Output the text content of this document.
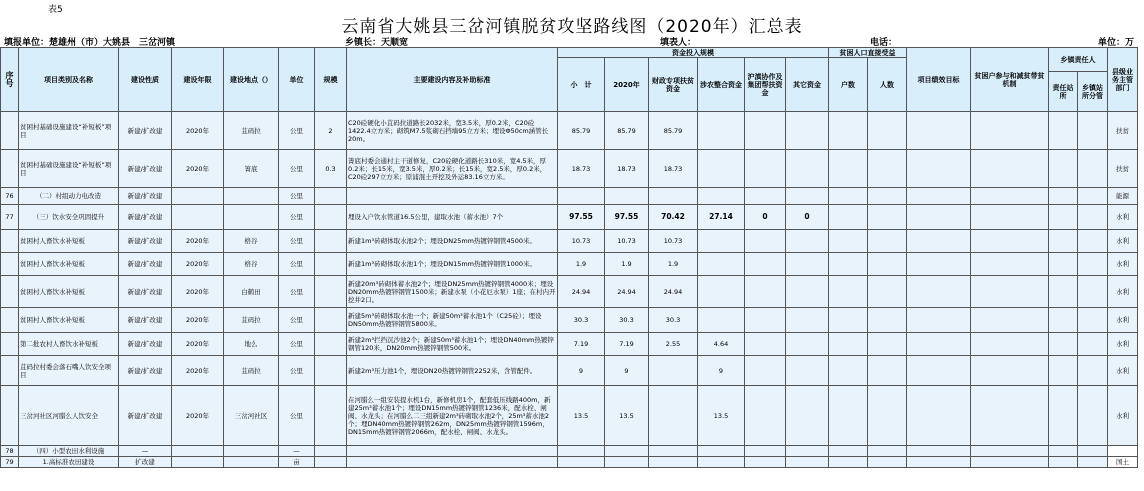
表5
云南省大姚县三岔河镇脱贫攻坚路线图（2020年）汇总表
填报单位：楚雄州（市）大姚县　三岔河镇	乡镇长：天顺宽	填表人：	电话：	单位：万
序号	项目类别及名称	建设性质	建设年限	建设地点（）	单位	规模	主要建设内容及补助标准	资金投入规模						贫困人口直接受益		项目绩效目标	贫困户参与和减贫带贫机制	乡镇责任人		县级业务主管部门
								小　计	2020年	财政专项扶贫资金	涉农整合资金	沪滇协作及集团帮扶资金	其它资金	户数	人数					
																		责任站所	乡镇站所分管	
	贫困村基础设施建设“补短板”项目	新建/扩改建	2020年	苴码拉	公里	2	C20砼硬化小苴码拉道路长2032米，宽3.5米，厚0.2米，C20砼1422.4立方米；砌筑M7.5浆砌石挡墙95立方米；埋设Φ50cm涵管长20m。	85.79	85.79	85.79										扶贫
	贫困村基础设施建设“补短板”项目	新建/扩改建	2020年	箐底	公里	0.3	箐底村委会通村主干道修复，C20砼硬化道路长310米，宽4.5米，厚0.2米；长15米，宽3.5米，厚0.2米；长15米，宽2.5米，厚0.2米，C20砼297立方米；原浦混土开挖及外运83.16立方米。	18.73	18.73	18.73										扶贫
76	（二）村组动力电改造	新建/扩改建			公里															能源
77	（三）饮水安全巩固提升	新建/扩改建			公里		埋设入户饮水管道16.5公里，建取水池（蓄水池）7个	97.55	97.55	70.42	27.14	0	0							水利
	贫困村人畜饮水补短板	新建/扩改建	2020年	格谷	公里		新建1m³砖砌体取水池2个；埋设DN25mm热镀锌钢管4500米。	10.73	10.73	10.73										水利
	贫困村人畜饮水补短板	新建/扩改建	2020年	格谷	公里		新建1m³砖砌体取水池1个；埋设DN15mm热镀锌钢管1000米。	1.9	1.9	1.9										水利
	贫困村人畜饮水补短板	新建/扩改建	2020年	白鹤田	公里		新建20m³砖砌体蓄水池2个；埋设DN25mm热镀锌钢管4000米；埋设DN20mm热镀锌钢管1500米；新建水泵（小花厄水泵）1座；在村内开挖井2口。	24.94	24.94	24.94										水利
	贫困村人畜饮水补短板	新建/扩改建	2020年	苴码拉	公里		新建5m³砖砌体取水池一个；新建50m³蓄水池1个（C25砼）；埋设DN50mm热镀锌钢管5800米。	30.3	30.3	30.3										水利
	第二批农村人畜饮水补短板	新建/扩改建	2020年	地么	公里		新建2m³拦挡沉沙池2个；新建50m³蓄水池1个；埋设DN40mm热镀锌钢管120米，DN20mm热镀锌钢管500米。	7.19	7.19	2.55	4.64									水利
	苴码拉村委会落石嘴人饮安全项目	新建/扩改建	2020年	苴码拉	公里		新建2m³压力池1个，埋设DN20热镀锌钢管2252米，含管配件。	9	9		9									水利
	三岔河社区河腊么人饮安全	新建/扩改建	2020年	三岔河社区	公里		在河腊么一组安装提水机1台，新修机房1个，配套低压线路400m，新建25m³蓄水池1个；埋设DN15mm热镀锌钢管1236米，配水栓、闸阀、水龙头；在河腊么二三组新建2m³砖砌取水池2个，25m³蓄水池2个；埋DN40mm热镀锌钢管262m，DN25mm热镀锌钢管1596m，DN15mm热镀锌钢管2066m，配水栓、闸阀、水龙头。	13.5	13.5		13.5									水利
78	（四）小型农田水利设施	—			—															
79	1.高标准农田建设	扩改建			亩															国土
